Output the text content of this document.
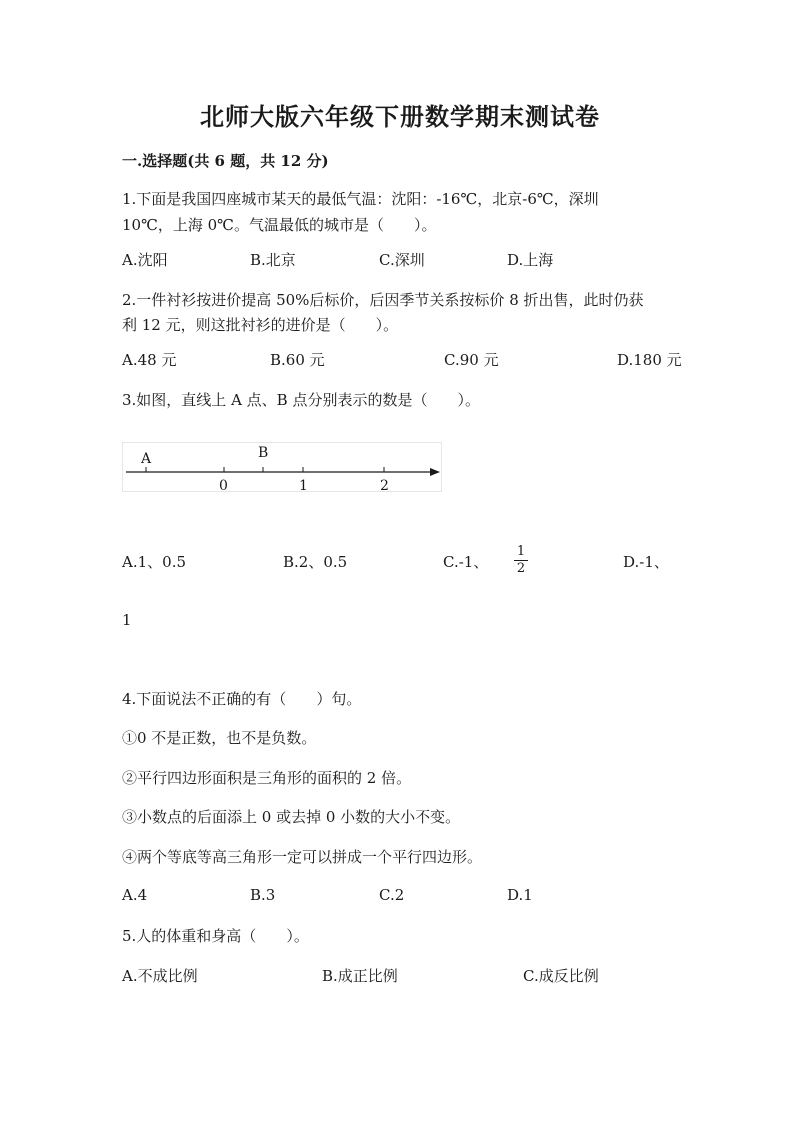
北师大版六年级下册数学期末测试卷
一.选择题(共 6 题，共 12 分)
1.下面是我国四座城市某天的最低气温：沈阳：-16℃，北京-6℃，深圳
10℃，上海 0℃。气温最低的城市是（　　）。
A.沈阳	B.北京	C.深圳	D.上海
2.一件衬衫按进价提高 50%后标价，后因季节关系按标价 8 折出售，此时仍获
利 12 元，则这批衬衫的进价是（　　）。
A.48 元	B.60 元	C.90 元	D.180 元
3.如图，直线上 A 点、B 点分别表示的数是（　　）。
A	B
0	1	2
A.1、0.5	B.2、0.5	C.-1、
1
2	D.-1、
1
4.下面说法不正确的有（　　）句。
①0 不是正数，也不是负数。
②平行四边形面积是三角形的面积的 2 倍。
③小数点的后面添上 0 或去掉 0 小数的大小不变。
④两个等底等高三角形一定可以拼成一个平行四边形。
A.4	B.3	C.2	D.1
5.人的体重和身高（　　）。
A.不成比例	B.成正比例	C.成反比例
